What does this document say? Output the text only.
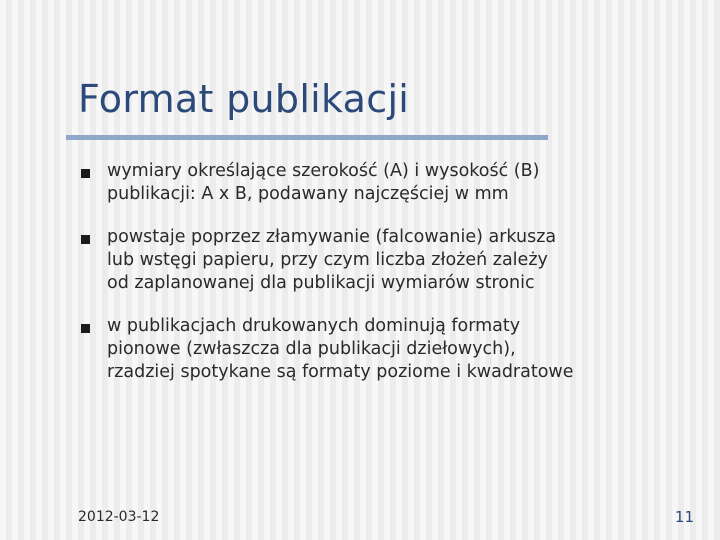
Format publikacji
wymiary określające szerokość (A) i wysokość (B)
publikacji: A x B, podawany najczęściej w mm
powstaje poprzez złamywanie (falcowanie) arkusza
lub wstęgi papieru, przy czym liczba złożeń zależy
od zaplanowanej dla publikacji wymiarów stronic
w publikacjach drukowanych dominują formaty
pionowe (zwłaszcza dla publikacji dziełowych),
rzadziej spotykane są formaty poziome i kwadratowe
2012-03-12	11
